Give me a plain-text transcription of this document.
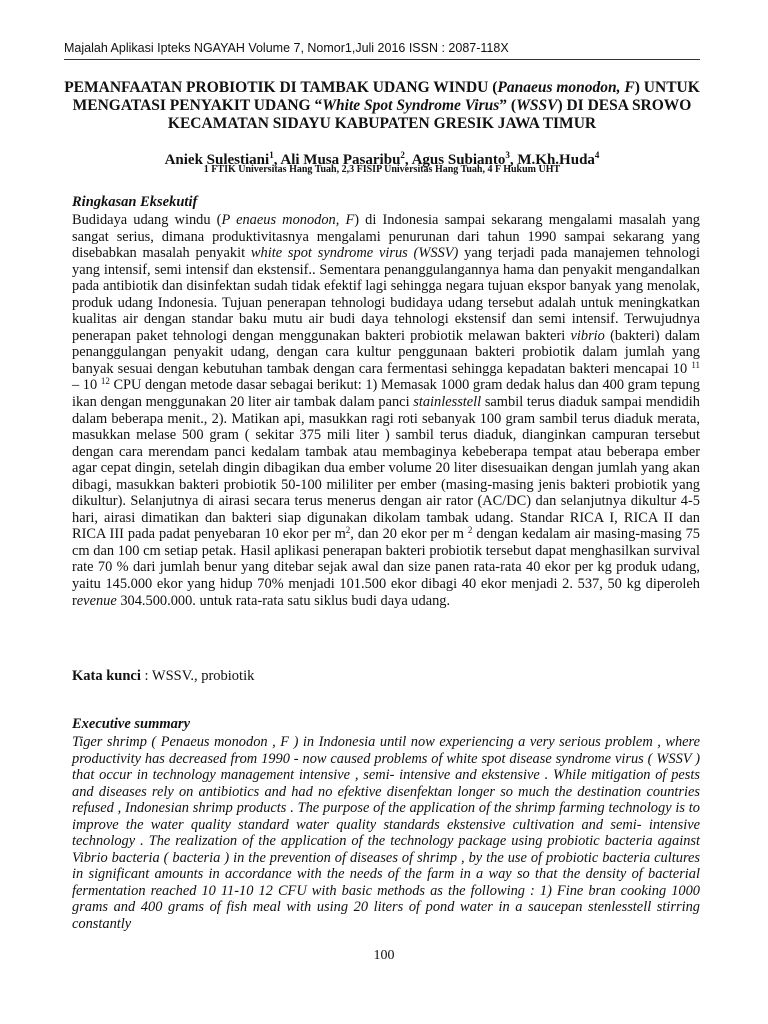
Majalah Aplikasi Ipteks NGAYAH Volume 7, Nomor1,Juli 2016 ISSN : 2087-118X
PEMANFAATAN PROBIOTIK DI TAMBAK UDANG WINDU (Panaeus monodon, F) UNTUK MENGATASI PENYAKIT UDANG “White Spot Syndrome Virus” (WSSV) DI DESA SROWO KECAMATAN SIDAYU KABUPATEN GRESIK JAWA TIMUR
Aniek Sulestiani$^1$, Ali Musa Pasaribu$^2$, Agus Subianto$^3$, M.Kh.Huda$^4$
1 FTIK Universitas Hang Tuah, 2,3 FISIP Universitas Hang Tuah, 4 F Hukum UHT
Ringkasan Eksekutif

Budidaya udang windu (P enaeus monodon, F) di Indonesia sampai sekarang mengalami masalah yang sangat serius, dimana produktivitasnya mengalami penurunan dari tahun 1990 sampai sekarang yang disebabkan masalah penyakit white spot syndrome virus (WSSV) yang terjadi pada manajemen tehnologi yang intensif, semi intensif dan ekstensif.. Sementara penanggulangannya hama dan penyakit mengandalkan pada antibiotik dan disinfektan sudah tidak efektif lagi sehingga negara tujuan ekspor banyak yang menolak, produk udang Indonesia. Tujuan penerapan tehnologi budidaya udang tersebut adalah untuk meningkatkan kualitas air dengan standar baku mutu air budi daya tehnologi ekstensif dan semi intensif. Terwujudnya penerapan paket tehnologi dengan menggunakan bakteri probiotik melawan bakteri vibrio (bakteri) dalam penanggulangan penyakit udang, dengan cara kultur penggunaan bakteri probiotik dalam jumlah yang banyak sesuai dengan kebutuhan tambak dengan cara fermentasi sehingga kepadatan bakteri mencapai 10 $^{11}$ – 10 $^{12}$ CPU dengan metode dasar sebagai berikut: 1) Memasak 1000 gram dedak halus dan 400 gram tepung ikan dengan menggunakan 20 liter air tambak dalam panci stainlesstell sambil terus diaduk sampai mendidih dalam beberapa menit., 2). Matikan api, masukkan ragi roti sebanyak 100 gram sambil terus diaduk merata, masukkan melase 500 gram ( sekitar 375 mili liter ) sambil terus diaduk, dianginkan campuran tersebut dengan cara merendam panci kedalam tambak atau membaginya kebeberapa tempat atau beberapa ember agar cepat dingin, setelah dingin dibagikan dua ember volume 20 liter disesuaikan dengan jumlah yang akan dibagi, masukkan bakteri probiotik 50-100 mililiter per ember (masing-masing jenis bakteri probiotik yang dikultur). Selanjutnya di airasi secara terus menerus dengan air rator (AC/DC) dan selanjutnya dikultur 4-5 hari, airasi dimatikan dan bakteri siap digunakan dikolam tambak udang. Standar RICA I, RICA II dan RICA III pada padat penyebaran 10 ekor per $m^2$, dan 20 ekor per m $^2$ dengan kedalam air masing-masing 75 cm dan 100 cm setiap petak. Hasil aplikasi penerapan bakteri probiotik tersebut dapat menghasilkan survival rate 70 % dari jumlah benur yang ditebar sejak awal dan size panen rata-rata 40 ekor per kg produk udang, yaitu 145.000 ekor yang hidup 70% menjadi 101.500 ekor dibagi 40 ekor menjadi 2. 537, 50 kg diperoleh revenue 304.500.000. untuk rata-rata satu siklus budi daya udang.

Kata kunci : WSSV., probiotik
Executive summary

Tiger shrimp ( Penaeus monodon , F ) in Indonesia until now experiencing a very serious problem , where productivity has decreased from 1990 - now caused problems of white spot disease syndrome virus ( WSSV ) that occur in technology management intensive , semi- intensive and ekstensive . While mitigation of pests and diseases rely on antibiotics and had no efektive disenfektan longer so much the destination countries refused , Indonesian shrimp products . The purpose of the application of the shrimp farming technology is to improve the water quality standard water quality standards ekstensive cultivation and semi- intensive technology . The realization of the application of the technology package using probiotic bacteria against Vibrio bacteria ( bacteria ) in the prevention of diseases of shrimp , by the use of probiotic bacteria cultures in significant amounts in accordance with the needs of the farm in a way so that the density of bacterial fermentation reached 10 11-10 12 CFU with basic methods as the following : 1) Fine bran cooking 1000 grams and 400 grams of fish meal with using 20 liters of pond water in a saucepan stenlesstell stirring constantly

100
